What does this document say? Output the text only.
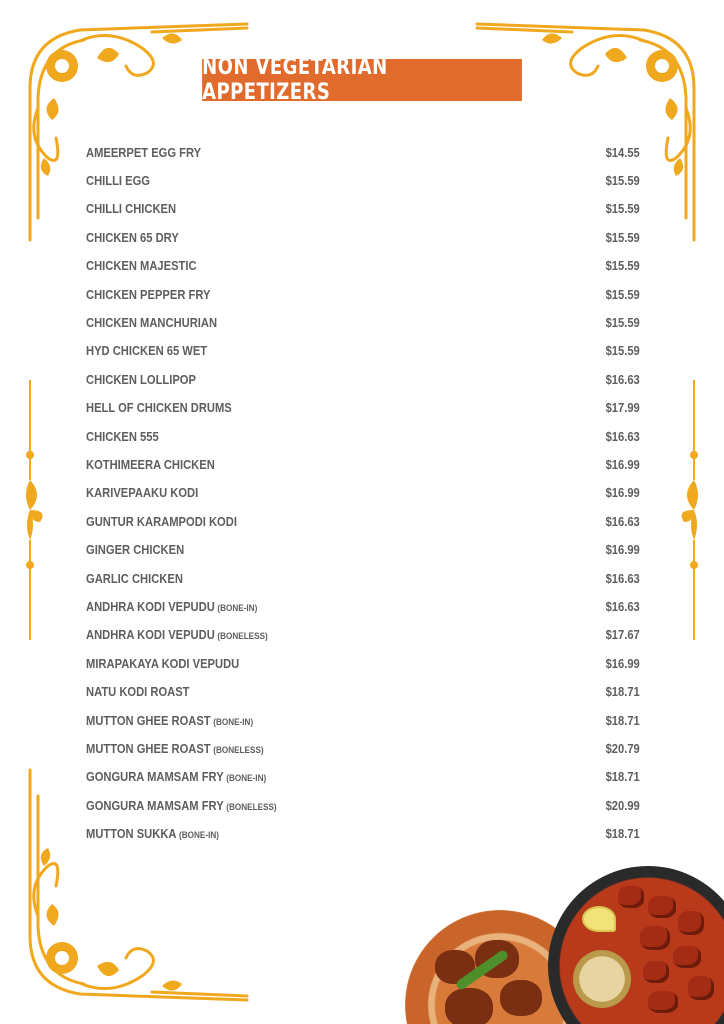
NON VEGETARIAN APPETIZERS
AMEERPET EGG FRY	$14.55
CHILLI EGG	$15.59
CHILLI CHICKEN	$15.59
CHICKEN 65 DRY	$15.59
CHICKEN MAJESTIC	$15.59
CHICKEN PEPPER FRY	$15.59
CHICKEN MANCHURIAN	$15.59
HYD CHICKEN 65 WET	$15.59
CHICKEN LOLLIPOP	$16.63
HELL OF CHICKEN DRUMS	$17.99
CHICKEN 555	$16.63
KOTHIMEERA CHICKEN	$16.99
KARIVEPAAKU KODI	$16.99
GUNTUR KARAMPODI KODI	$16.63
GINGER CHICKEN	$16.99
GARLIC CHICKEN	$16.63
ANDHRA KODI VEPUDU (BONE-IN)	$16.63
ANDHRA KODI VEPUDU (BONELESS)	$17.67
MIRAPAKAYA KODI VEPUDU	$16.99
NATU KODI ROAST	$18.71
MUTTON GHEE ROAST (BONE-IN)	$18.71
MUTTON GHEE ROAST (BONELESS)	$20.79
GONGURA MAMSAM FRY (BONE-IN)	$18.71
GONGURA MAMSAM FRY (BONELESS)	$20.99
MUTTON SUKKA (BONE-IN)	$18.71
